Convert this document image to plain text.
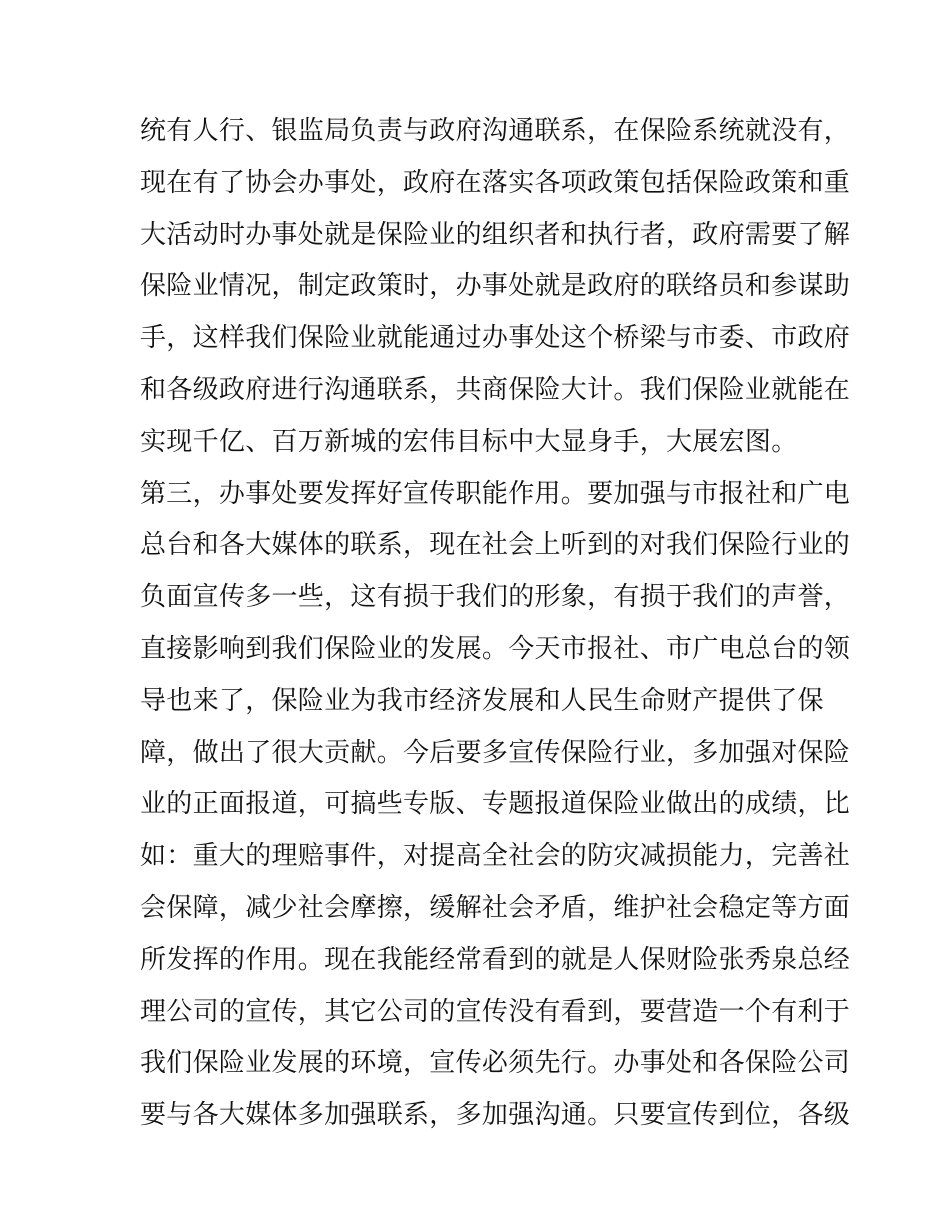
统有人行、银监局负责与政府沟通联系，在保险系统就没有，
现在有了协会办事处，政府在落实各项政策包括保险政策和重
大活动时办事处就是保险业的组织者和执行者，政府需要了解
保险业情况，制定政策时，办事处就是政府的联络员和参谋助
手，这样我们保险业就能通过办事处这个桥梁与市委、市政府
和各级政府进行沟通联系，共商保险大计。我们保险业就能在
实现千亿、百万新城的宏伟目标中大显身手，大展宏图。
第三，办事处要发挥好宣传职能作用。要加强与市报社和广电
总台和各大媒体的联系，现在社会上听到的对我们保险行业的
负面宣传多一些，这有损于我们的形象，有损于我们的声誉，
直接影响到我们保险业的发展。今天市报社、市广电总台的领
导也来了，保险业为我市经济发展和人民生命财产提供了保
障，做出了很大贡献。今后要多宣传保险行业，多加强对保险
业的正面报道，可搞些专版、专题报道保险业做出的成绩，比
如：重大的理赔事件，对提高全社会的防灾减损能力，完善社
会保障，减少社会摩擦，缓解社会矛盾，维护社会稳定等方面
所发挥的作用。现在我能经常看到的就是人保财险张秀泉总经
理公司的宣传，其它公司的宣传没有看到，要营造一个有利于
我们保险业发展的环境，宣传必须先行。办事处和各保险公司
要与各大媒体多加强联系，多加强沟通。只要宣传到位，各级
